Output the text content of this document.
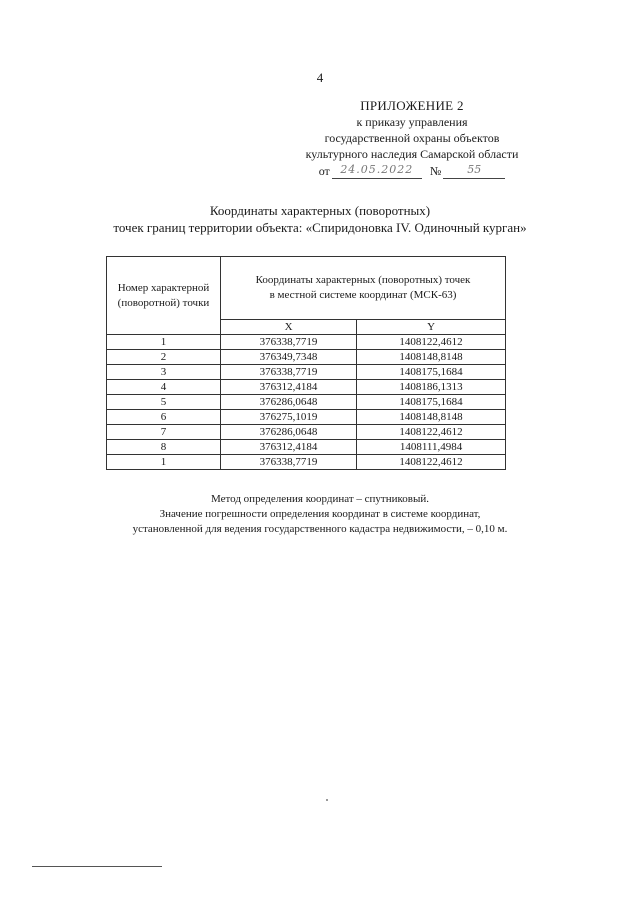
4
ПРИЛОЖЕНИЕ 2
к приказу управления
государственной охраны объектов
культурного наследия Самарской области
от 24.05.2022	№	55
Координаты характерных (поворотных)
точек границ территории объекта: «Спиридоновка IV. Одиночный курган»
Номер характерной (поворотной) точки	Координаты характерных (поворотных) точек
в местной системе координат (МСК-63)	

	X	Y
1	376338,7719	1408122,4612
2	376349,7348	1408148,8148
3	376338,7719	1408175,1684
4	376312,4184	1408186,1313
5	376286,0648	1408175,1684
6	376275,1019	1408148,8148
7	376286,0648	1408122,4612
8	376312,4184	1408111,4984
1	376338,7719	1408122,4612
Метод определения координат – спутниковый.
Значение погрешности определения координат в системе координат,
установленной для ведения государственного кадастра недвижимости, – 0,10 м.
